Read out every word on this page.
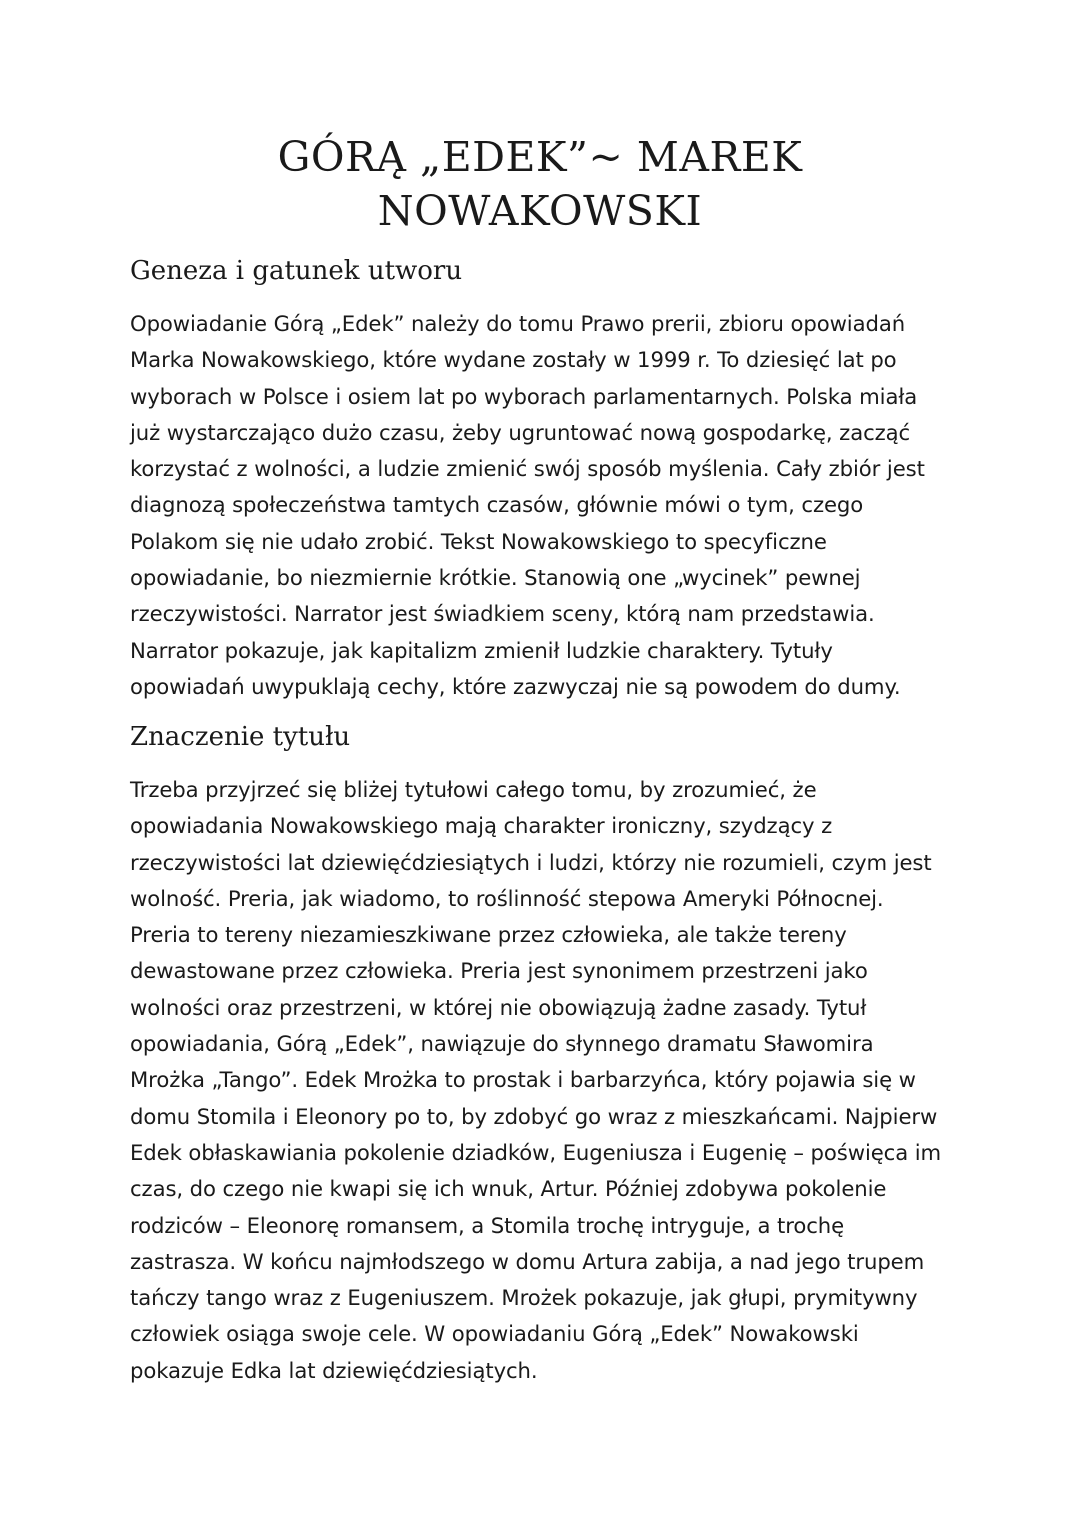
GÓRĄ „EDEK”~ MAREK NOWAKOWSKI
Geneza i gatunek utworu

Opowiadanie Górą „Edek” należy do tomu Prawo prerii, zbioru opowiadań Marka Nowakowskiego, które wydane zostały w 1999 r. To dziesięć lat po wyborach w Polsce i osiem lat po wyborach parlamentarnych. Polska miała już wystarczająco dużo czasu, żeby ugruntować nową gospodarkę, zacząć korzystać z wolności, a ludzie zmienić swój sposób myślenia. Cały zbiór jest diagnozą społeczeństwa tamtych czasów, głównie mówi o tym, czego Polakom się nie udało zrobić. Tekst Nowakowskiego to specyficzne opowiadanie, bo niezmiernie krótkie. Stanowią one „wycinek” pewnej rzeczywistości. Narrator jest świadkiem sceny, którą nam przedstawia. Narrator pokazuje, jak kapitalizm zmienił ludzkie charaktery. Tytuły opowiadań uwypuklają cechy, które zazwyczaj nie są powodem do dumy.

Znaczenie tytułu

Trzeba przyjrzeć się bliżej tytułowi całego tomu, by zrozumieć, że opowiadania Nowakowskiego mają charakter ironiczny, szydzący z rzeczywistości lat dziewięćdziesiątych i ludzi, którzy nie rozumieli, czym jest wolność. Preria, jak wiadomo, to roślinność stepowa Ameryki Północnej. Preria to tereny niezamieszkiwane przez człowieka, ale także tereny dewastowane przez człowieka. Preria jest synonimem przestrzeni jako wolności oraz przestrzeni, w której nie obowiązują żadne zasady. Tytuł opowiadania, Górą „Edek”, nawiązuje do słynnego dramatu Sławomira Mrożka „Tango”. Edek Mrożka to prostak i barbarzyńca, który pojawia się w domu Stomila i Eleonory po to, by zdobyć go wraz z mieszkańcami. Najpierw Edek obłaskawiania pokolenie dziadków, Eugeniusza i Eugenię – poświęca im czas, do czego nie kwapi się ich wnuk, Artur. Później zdobywa pokolenie rodziców – Eleonorę romansem, a Stomila trochę intryguje, a trochę zastrasza. W końcu najmłodszego w domu Artura zabija, a nad jego trupem tańczy tango wraz z Eugeniuszem. Mrożek pokazuje, jak głupi, prymitywny człowiek osiąga swoje cele. W opowiadaniu Górą „Edek” Nowakowski pokazuje Edka lat dziewięćdziesiątych.
